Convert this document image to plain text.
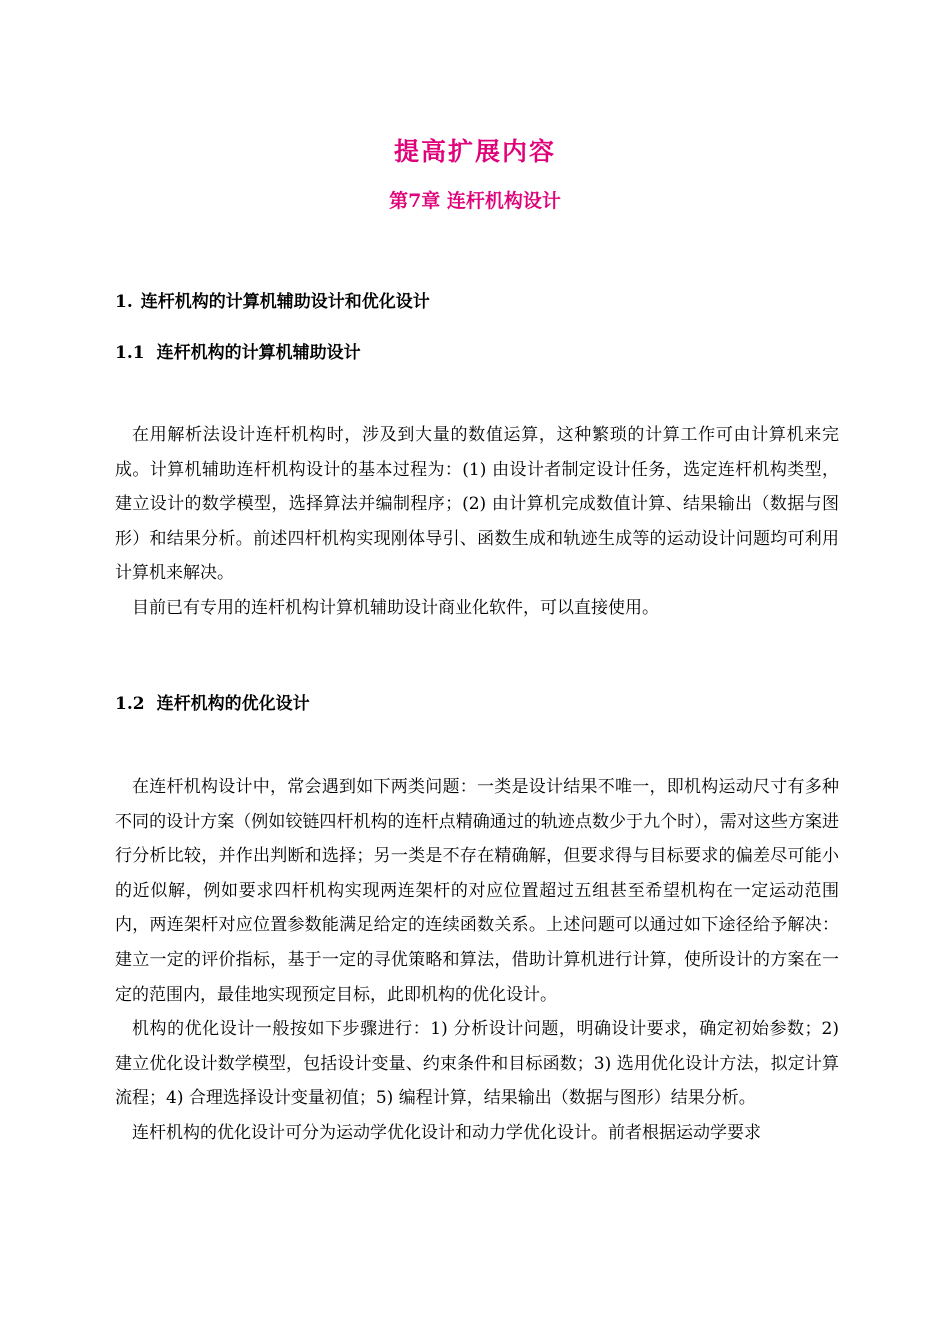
提高扩展内容
第7章 连杆机构设计
1. 连杆机构的计算机辅助设计和优化设计
1.1 连杆机构的计算机辅助设计

在用解析法设计连杆机构时，涉及到大量的数值运算，这种繁琐的计算工作可由计算机来完成。计算机辅助连杆机构设计的基本过程为：(1) 由设计者制定设计任务，选定连杆机构类型，建立设计的数学模型，选择算法并编制程序；(2) 由计算机完成数值计算、结果输出（数据与图形）和结果分析。前述四杆机构实现刚体导引、函数生成和轨迹生成等的运动设计问题均可利用计算机来解决。

目前已有专用的连杆机构计算机辅助设计商业化软件，可以直接使用。

1.2 连杆机构的优化设计

在连杆机构设计中，常会遇到如下两类问题：一类是设计结果不唯一，即机构运动尺寸有多种不同的设计方案（例如铰链四杆机构的连杆点精确通过的轨迹点数少于九个时），需对这些方案进行分析比较，并作出判断和选择；另一类是不存在精确解，但要求得与目标要求的偏差尽可能小的近似解，例如要求四杆机构实现两连架杆的对应位置超过五组甚至希望机构在一定运动范围内，两连架杆对应位置参数能满足给定的连续函数关系。上述问题可以通过如下途径给予解决：建立一定的评价指标，基于一定的寻优策略和算法，借助计算机进行计算，使所设计的方案在一定的范围内，最佳地实现预定目标，此即机构的优化设计。

机构的优化设计一般按如下步骤进行：1) 分析设计问题，明确设计要求，确定初始参数；2) 建立优化设计数学模型，包括设计变量、约束条件和目标函数；3) 选用优化设计方法，拟定计算流程；4) 合理选择设计变量初值；5) 编程计算，结果输出（数据与图形）结果分析。

连杆机构的优化设计可分为运动学优化设计和动力学优化设计。前者根据运动学要求
